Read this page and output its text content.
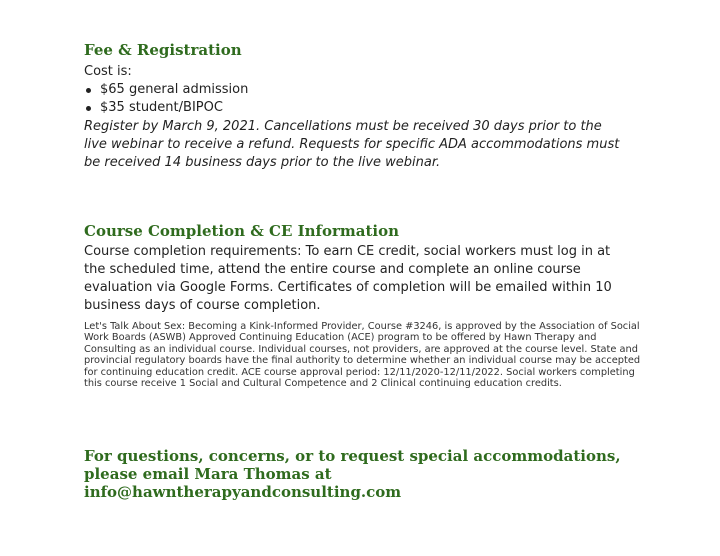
Fee & Registration

Cost is:

$65 general admission
$35 student/BIPOC

Register by March 9, 2021. Cancellations must be received 30 days prior to the live webinar to receive a refund. Requests for specific ADA accommodations must be received 14 business days prior to the live webinar.

Course Completion & CE Information

Course completion requirements: To earn CE credit, social workers must log in at the scheduled time, attend the entire course and complete an online course evaluation via Google Forms. Certificates of completion will be emailed within 10 business days of course completion.

Let's Talk About Sex: Becoming a Kink-Informed Provider, Course #3246, is approved by the Association of Social Work Boards (ASWB) Approved Continuing Education (ACE) program to be offered by Hawn Therapy and Consulting as an individual course. Individual courses, not providers, are approved at the course level. State and provincial regulatory boards have the final authority to determine whether an individual course may be accepted for continuing education credit. ACE course approval period: 12/11/2020-12/11/2022. Social workers completing this course receive 1 Social and Cultural Competence and 2 Clinical continuing education credits.

For questions, concerns, or to request special accommodations, please email Mara Thomas at info@hawntherapyandconsulting.com
